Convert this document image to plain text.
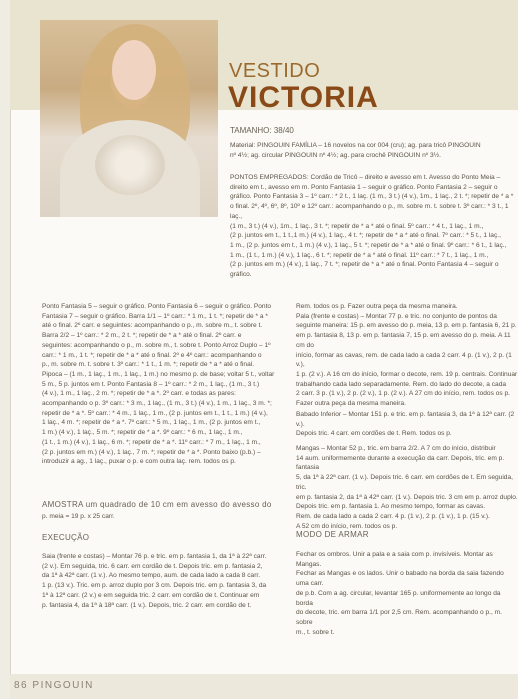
VESTIDO
VICTORIA
TAMANHO: 38/40

Material: PINGOUIN FAMÍLIA – 16 novelos na cor 004 (cru); ag. para tricô PINGOUIN

nº 4½; ag. circular PINGOUIN nº 4½; ag. para crochê PINGOUIN nº 3½.

PONTOS EMPREGADOS: Cordão de Tricô – direito e avesso em t. Avesso do Ponto Meia –

direito em t., avesso em m. Ponto Fantasia 1 – seguir o gráfico. Ponto Fantasia 2 – seguir o

gráfico. Ponto Fantasia 3 – 1º carr.: * 2 t., 1 laç. (1 m., 3 t.) (4 v.), 1m., 1 laç., 2 t. *; repetir de * a *

o final. 2º, 4º, 6º, 8º, 10º e 12º carr.: acompanhando o p., m. sobre m. t. sobre t. 3º carr.: * 3 t., 1 laç.,

(1 m., 3 t.) (4 v.), 1m., 1 laç., 3 t. *; repetir de * a * até o final. 5º carr.: * 4 t., 1 laç., 1 m.,

(2 p. juntos em t., 1 t.,1 m.) (4 v.), 1 laç., 4 t. *; repetir de * a * até o final. 7º carr.: * 5 t., 1 laç.,

1 m., (2 p. juntos em t., 1 m.) (4 v.), 1 laç., 5 t. *; repetir de * a * até o final. 9º carr.: * 6 t., 1 laç.,

1 m., (1 t., 1 m.) (4 v.), 1 laç., 6 t. *; repetir de * a * até o final. 11º carr.: * 7 t., 1 laç., 1 m.,

(2 p. juntos em m.) (4 v.), 1 laç., 7 t. *; repetir de * a * até o final. Ponto Fantasia 4 – seguir o gráfico.

Ponto Fantasia 5 – seguir o gráfico. Ponto Fantasia 6 – seguir o gráfico. Ponto

Fantasia 7 – seguir o gráfico. Barra 1/1 – 1º carr.: * 1 m., 1 t. *; repetir de * a *

até o final. 2º carr. e seguintes: acompanhando o p., m. sobre m., t. sobre t.

Barra 2/2 – 1º carr.: * 2 m., 2 t. *; repetir de * a * até o final. 2º carr. e

seguintes: acompanhando o p., m. sobre m., t. sobre t. Ponto Arroz Duplo – 1º

carr.: * 1 m., 1 t. *; repetir de * a * até o final. 2º e 4º carr.: acompanhando o

p., m. sobre m. t. sobre t. 3º carr.: * 1 t., 1 m. *; repetir de * a * até o final.

Pipoca – (1 m., 1 laç., 1 m., 1 laç., 1 m.) no mesmo p. de base; voltar 5 t., voltar

5 m., 5 p. juntos em t. Ponto Fantasia 8 – 1º carr.: * 2 m., 1 laç., (1 m., 3 t.)

(4 v.), 1 m., 1 laç., 2 m. *; repetir de * a *. 2º carr. e todas as pares:

acompanhando o p. 3º carr.: * 3 m., 1 laç., (1 m., 3 t.) (4 v.), 1 m., 1 laç., 3 m. *;

repetir de * a *. 5º carr.: * 4 m., 1 laç., 1 m., (2 p. juntos em t., 1 t., 1 m.) (4 v.),

1 laç., 4 m. *; repetir de * a *. 7º carr.: * 5 m., 1 laç., 1 m., (2 p. juntos em t.,

1 m.) (4 v.), 1 laç., 5 m. *; repetir de * a *. 9º carr.: * 6 m., 1 laç., 1 m.,

(1 t., 1 m.) (4 v.), 1 laç., 6 m. *; repetir de * a *. 11º carr.: * 7 m., 1 laç., 1 m.,

(2 p. juntos em m.) (4 v.), 1 laç., 7 m. *; repetir de * a *. Ponto baixo (p.b.) –

introduzir a ag., 1 laç., puxar o p. e com outra laç. rem. todos os p.

AMOSTRA um quadrado de 10 cm em avesso do avesso do

p. meia = 19 p. x 25 carr.

EXECUÇÃO

Saia (frente e costas) – Montar 76 p. e tric. em p. fantasia 1, da 1ª à 22ª carr.

(2 v.). Em seguida, tric. 6 carr. em cordão de t. Depois tric. em p. fantasia 2,

da 1ª à 42ª carr. (1 v.). Ao mesmo tempo, aum. de cada lado a cada 8 carr.

1 p. (13 v.). Tric. em p. arroz duplo por 3 cm. Depois tric. em p. fantasia 3, da

1ª à 12ª carr. (2 v.) e em seguida tric. 2 carr. em cordão de t. Continuar em

p. fantasia 4, da 1ª à 18ª carr. (1 v.). Depois, tric. 2 carr. em cordão de t.

Rem. todos os p. Fazer outra peça da mesma maneira.

Pala (frente e costas) – Montar 77 p. e tric. no conjunto de pontos da

seguinte maneira: 15 p. em avesso do p. meia, 13 p. em p. fantasia 6, 21 p.

em p. fantasia 8, 13 p. em p. fantasia 7, 15 p. em avesso do p. meia. A 11 cm do

início, formar as cavas, rem. de cada lado a cada 2 carr. 4 p. (1 v.), 2 p. (1 v.),

1 p. (2 v.). A 16 cm do início, formar o decote, rem. 19 p. centrais. Continuar

trabalhando cada lado separadamente. Rem. do lado do decote, a cada

2 carr. 3 p. (1 v.), 2 p. (2 v.), 1 p. (2 v.). A 27 cm do início, rem. todos os p.

Fazer outra peça da mesma maneira.

Babado Inferior – Montar 151 p. e tric. em p. fantasia 3, da 1ª à 12ª carr. (2 v.).

Depois tric. 4 carr. em cordões de t. Rem. todos os p.

Mangas – Montar 52 p., tric. em barra 2/2. A 7 cm do início, distribuir

14 aum. uniformemente durante a execução da carr. Depois, tric. em p. fantasia

5, da 1ª à 22ª carr. (1 v.). Depois tric. 6 carr. em cordões de t. Em seguida, tric.

em p. fantasia 2, da 1ª à 42ª carr. (1 v.). Depois tric. 3 cm em p. arroz duplo.

Depois tric. em p. fantasia 1. Ao mesmo tempo, formar as cavas.

Rem. de cada lado a cada 2 carr. 4 p. (1 v.), 2 p. (1 v.), 1 p. (15 v.).

A 52 cm do início, rem. todos os p.

MODO DE ARMAR

Fechar os ombros. Unir a pala e a saia com p. invisíveis. Montar as Mangas.

Fechar as Mangas e os lados. Unir o babado na borda da saia fazendo uma carr.

de p.b. Com a ag. circular, levantar 165 p. uniformemente ao longo da borda

do decote, tric. em barra 1/1 por 2,5 cm. Rem. acompanhando o p., m. sobre

m., t. sobre t.

86 PINGOUIN
